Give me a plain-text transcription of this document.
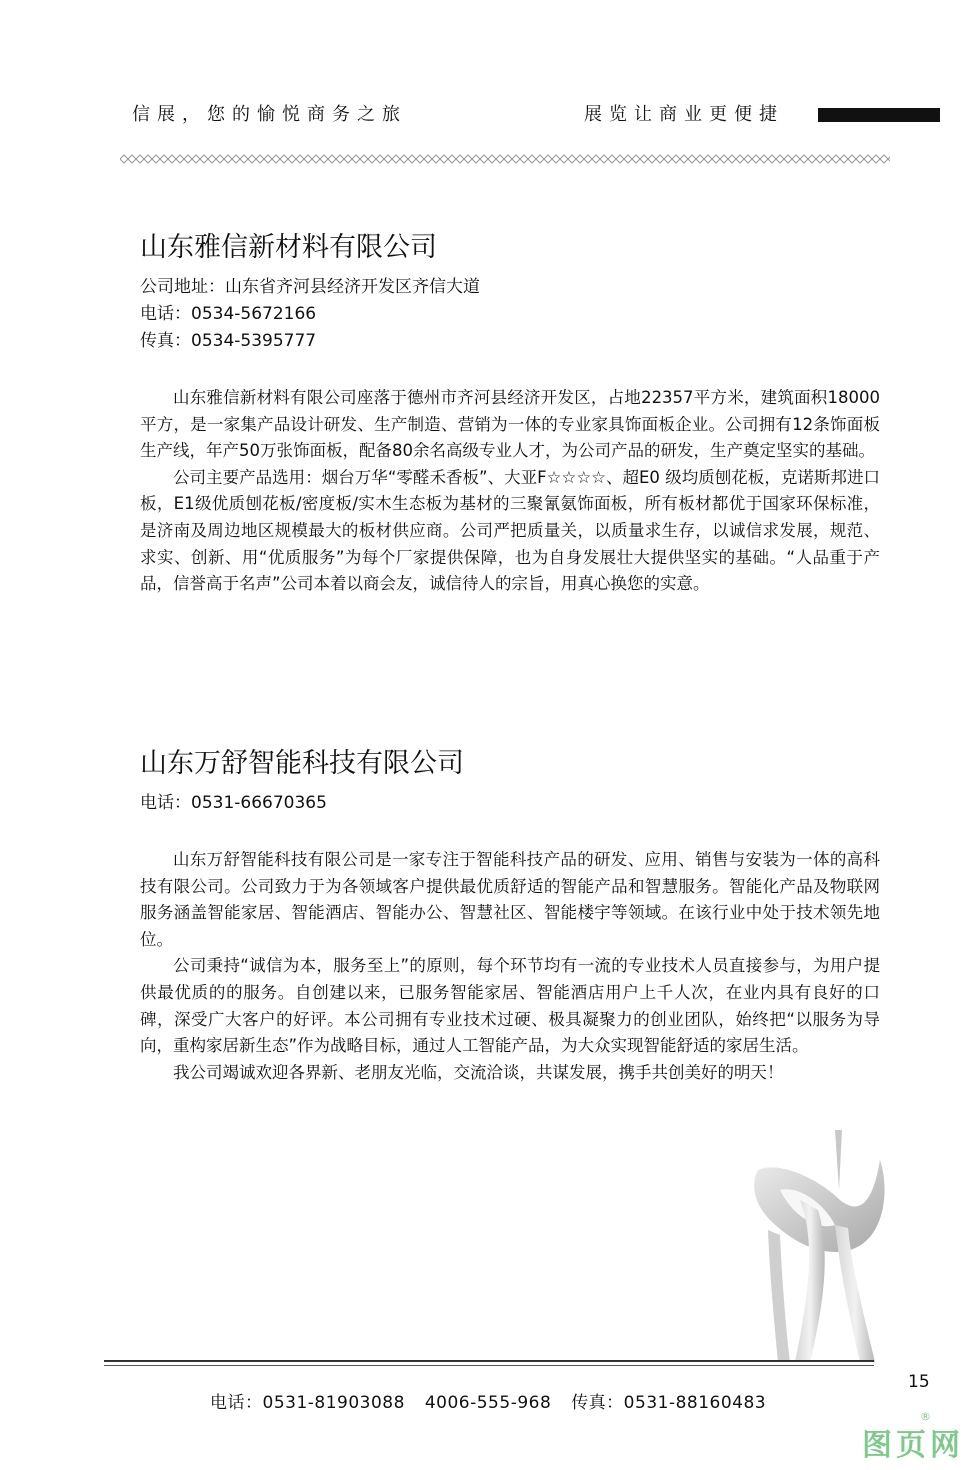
信展，您的愉悦商务之旅	展览让商业更便捷
山东雅信新材料有限公司
公司地址：山东省齐河县经济开发区齐信大道
电话：0534-5672166
传真：0534-5395777

山东雅信新材料有限公司座落于德州市齐河县经济开发区，占地22357平方米，建筑面积18000平方，是一家集产品设计研发、生产制造、营销为一体的专业家具饰面板企业。公司拥有12条饰面板生产线，年产50万张饰面板，配备80余名高级专业人才，为公司产品的研发，生产奠定坚实的基础。

公司主要产品选用：烟台万华“零醛禾香板”、大亚F☆☆☆☆、超E0 级均质刨花板，克诺斯邦进口板，E1级优质刨花板/密度板/实木生态板为基材的三聚氰氨饰面板，所有板材都优于国家环保标准，是济南及周边地区规模最大的板材供应商。公司严把质量关，以质量求生存，以诚信求发展，规范、求实、创新、用“优质服务”为每个厂家提供保障，也为自身发展壮大提供坚实的基础。“人品重于产品，信誉高于名声”公司本着以商会友，诚信待人的宗旨，用真心换您的实意。

山东万舒智能科技有限公司
电话：0531-66670365

山东万舒智能科技有限公司是一家专注于智能科技产品的研发、应用、销售与安装为一体的高科技有限公司。公司致力于为各领域客户提供最优质舒适的智能产品和智慧服务。智能化产品及物联网服务涵盖智能家居、智能酒店、智能办公、智慧社区、智能楼宇等领域。在该行业中处于技术领先地位。

公司秉持“诚信为本，服务至上”的原则，每个环节均有一流的专业技术人员直接参与，为用户提供最优质的的服务。自创建以来，已服务智能家居、智能酒店用户上千人次，在业内具有良好的口碑，深受广大客户的好评。本公司拥有专业技术过硬、极具凝聚力的创业团队，始终把“以服务为导向，重构家居新生态”作为战略目标，通过人工智能产品，为大众实现智能舒适的家居生活。

我公司竭诚欢迎各界新、老朋友光临，交流洽谈，共谋发展，携手共创美好的明天！

15
电话：0531-81903088 4006-555-968 传真：0531-88160483
图页网
®
